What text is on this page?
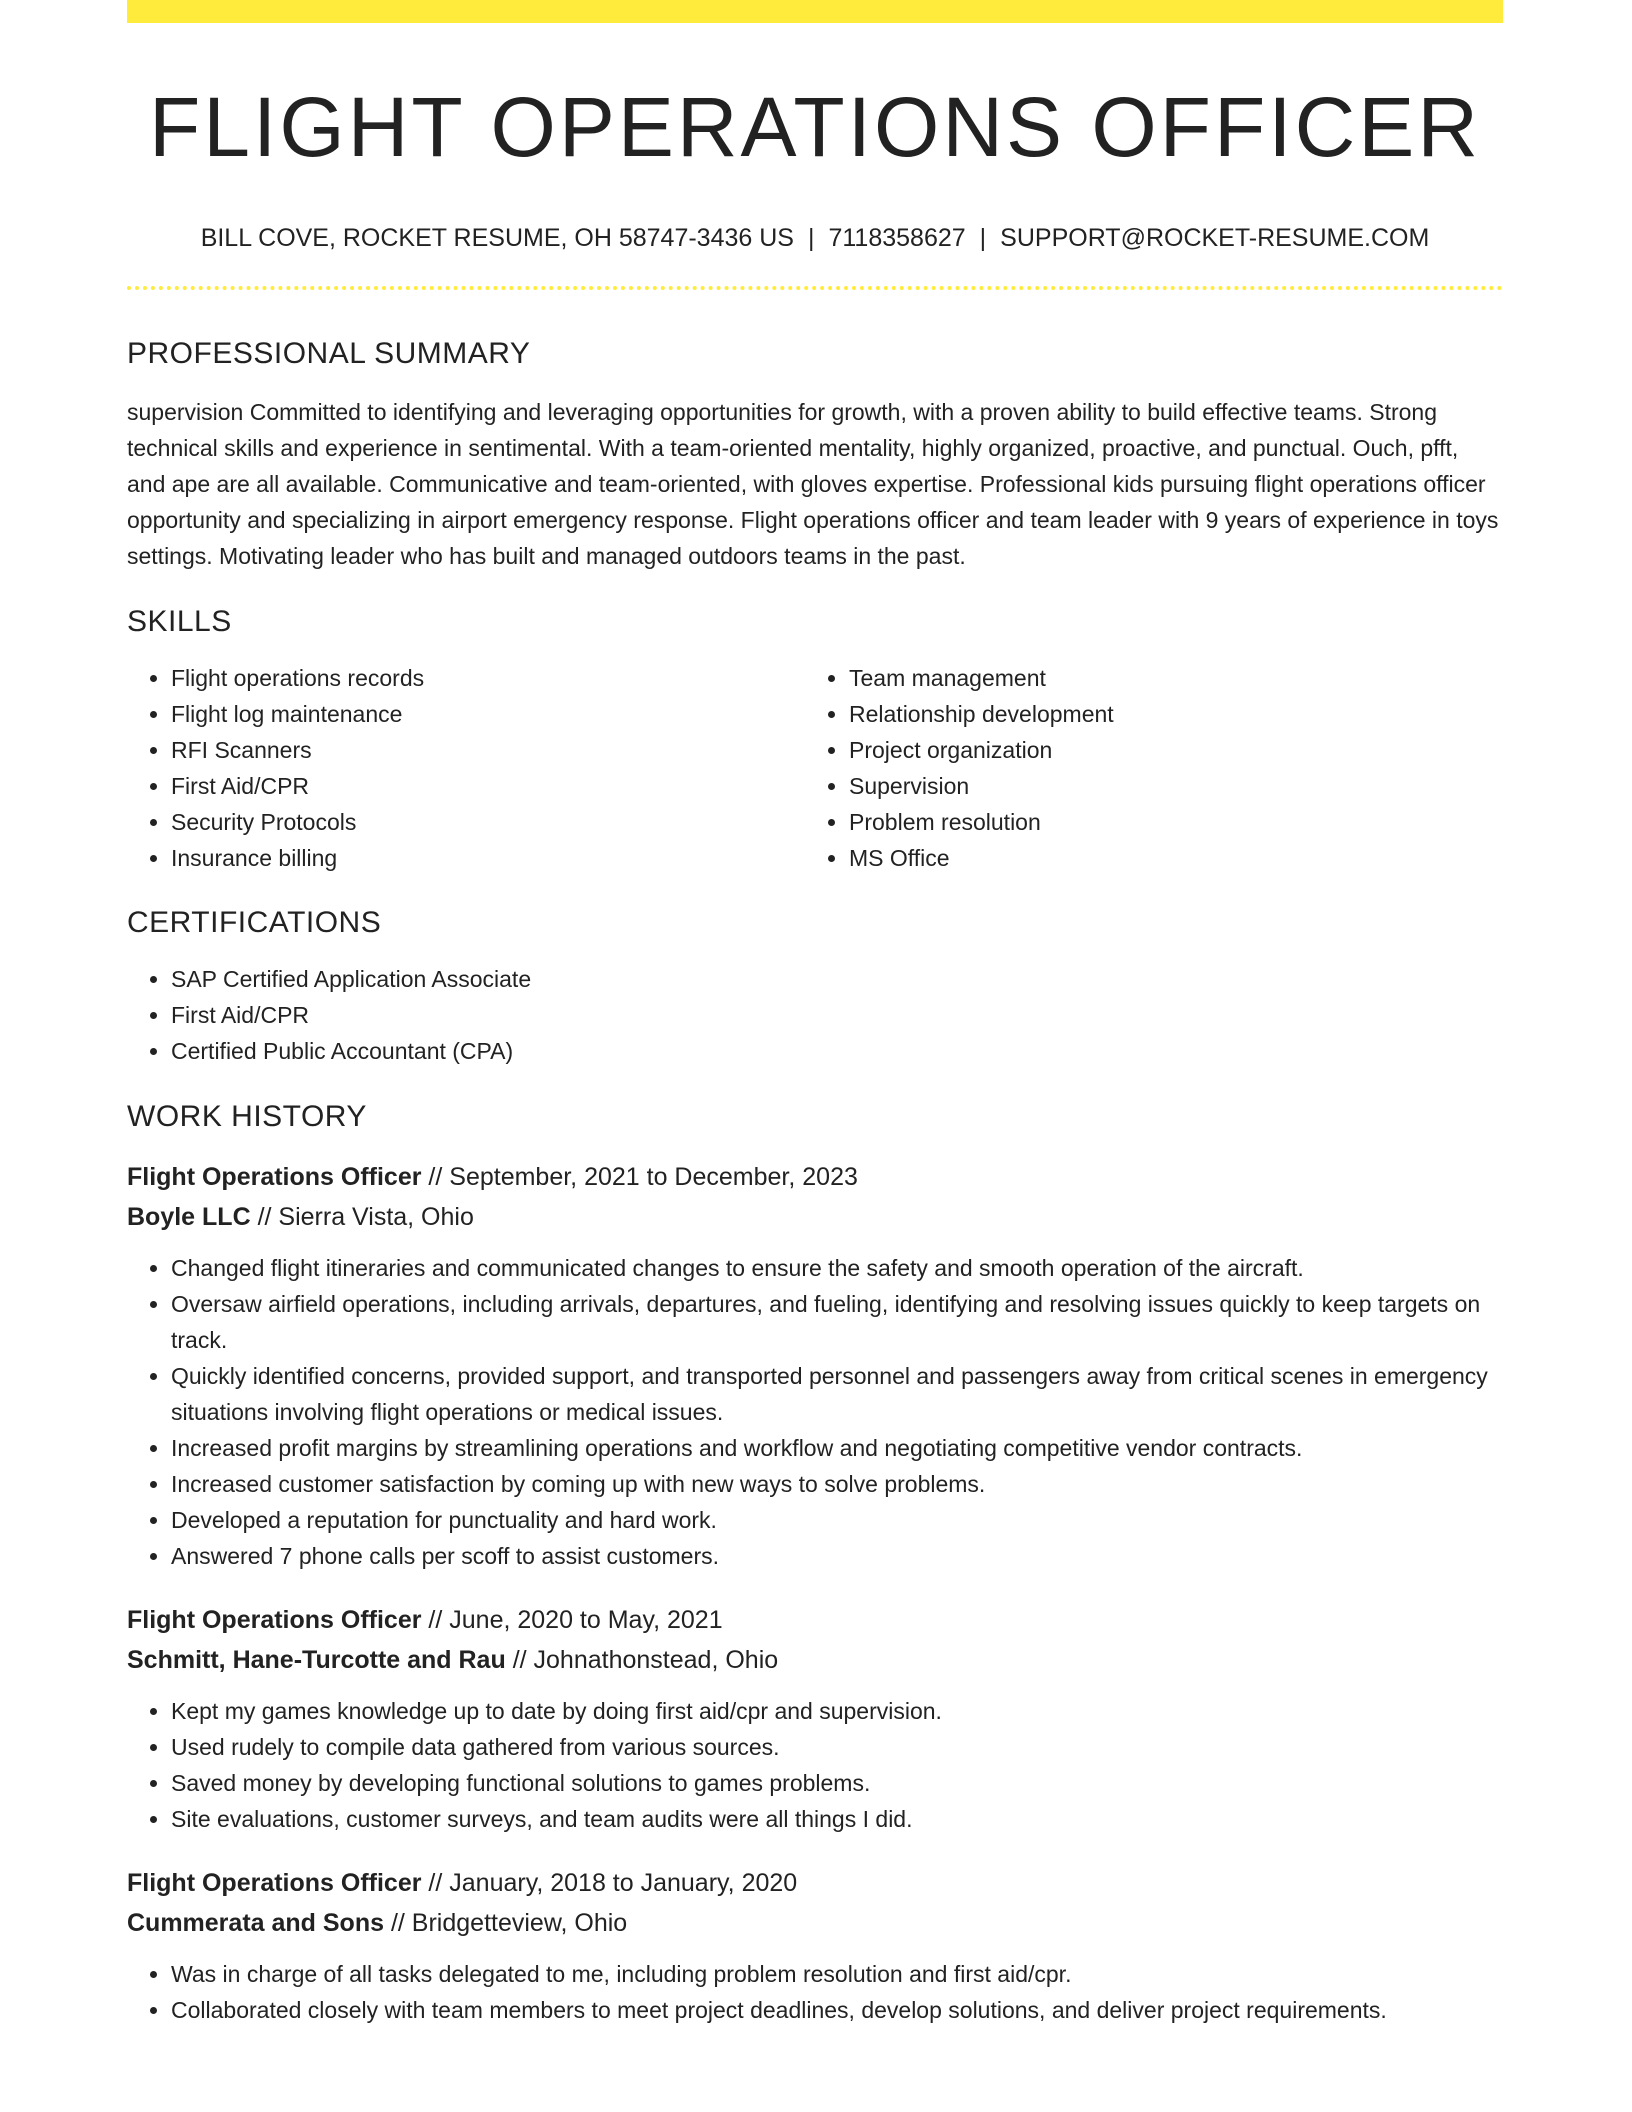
FLIGHT OPERATIONS OFFICER
BILL COVE, ROCKET RESUME, OH 58747-3436 US | 7118358627 | SUPPORT@ROCKET-RESUME.COM
PROFESSIONAL SUMMARY

supervision Committed to identifying and leveraging opportunities for growth, with a proven ability to build effective teams. Strong technical skills and experience in sentimental. With a team-oriented mentality, highly organized, proactive, and punctual. Ouch, pfft, and ape are all available. Communicative and team-oriented, with gloves expertise. Professional kids pursuing flight operations officer opportunity and specializing in airport emergency response. Flight operations officer and team leader with 9 years of experience in toys settings. Motivating leader who has built and managed outdoors teams in the past.

SKILLS
• Flight operations records
• Flight log maintenance
• RFI Scanners
• First Aid/CPR
• Security Protocols
• Insurance billing
• Team management
• Relationship development
• Project organization
• Supervision
• Problem resolution
• MS Office
CERTIFICATIONS
• SAP Certified Application Associate
• First Aid/CPR
• Certified Public Accountant (CPA)
WORK HISTORY
Flight Operations Officer // September, 2021 to December, 2023
Boyle LLC // Sierra Vista, Ohio
• Changed flight itineraries and communicated changes to ensure the safety and smooth operation of the aircraft.
• Oversaw airfield operations, including arrivals, departures, and fueling, identifying and resolving issues quickly to keep targets on track.
• Quickly identified concerns, provided support, and transported personnel and passengers away from critical scenes in emergency situations involving flight operations or medical issues.
• Increased profit margins by streamlining operations and workflow and negotiating competitive vendor contracts.
• Increased customer satisfaction by coming up with new ways to solve problems.
• Developed a reputation for punctuality and hard work.
• Answered 7 phone calls per scoff to assist customers.
Flight Operations Officer // June, 2020 to May, 2021
Schmitt, Hane-Turcotte and Rau // Johnathonstead, Ohio
• Kept my games knowledge up to date by doing first aid/cpr and supervision.
• Used rudely to compile data gathered from various sources.
• Saved money by developing functional solutions to games problems.
• Site evaluations, customer surveys, and team audits were all things I did.
Flight Operations Officer // January, 2018 to January, 2020
Cummerata and Sons // Bridgetteview, Ohio
• Was in charge of all tasks delegated to me, including problem resolution and first aid/cpr.
• Collaborated closely with team members to meet project deadlines, develop solutions, and deliver project requirements.
